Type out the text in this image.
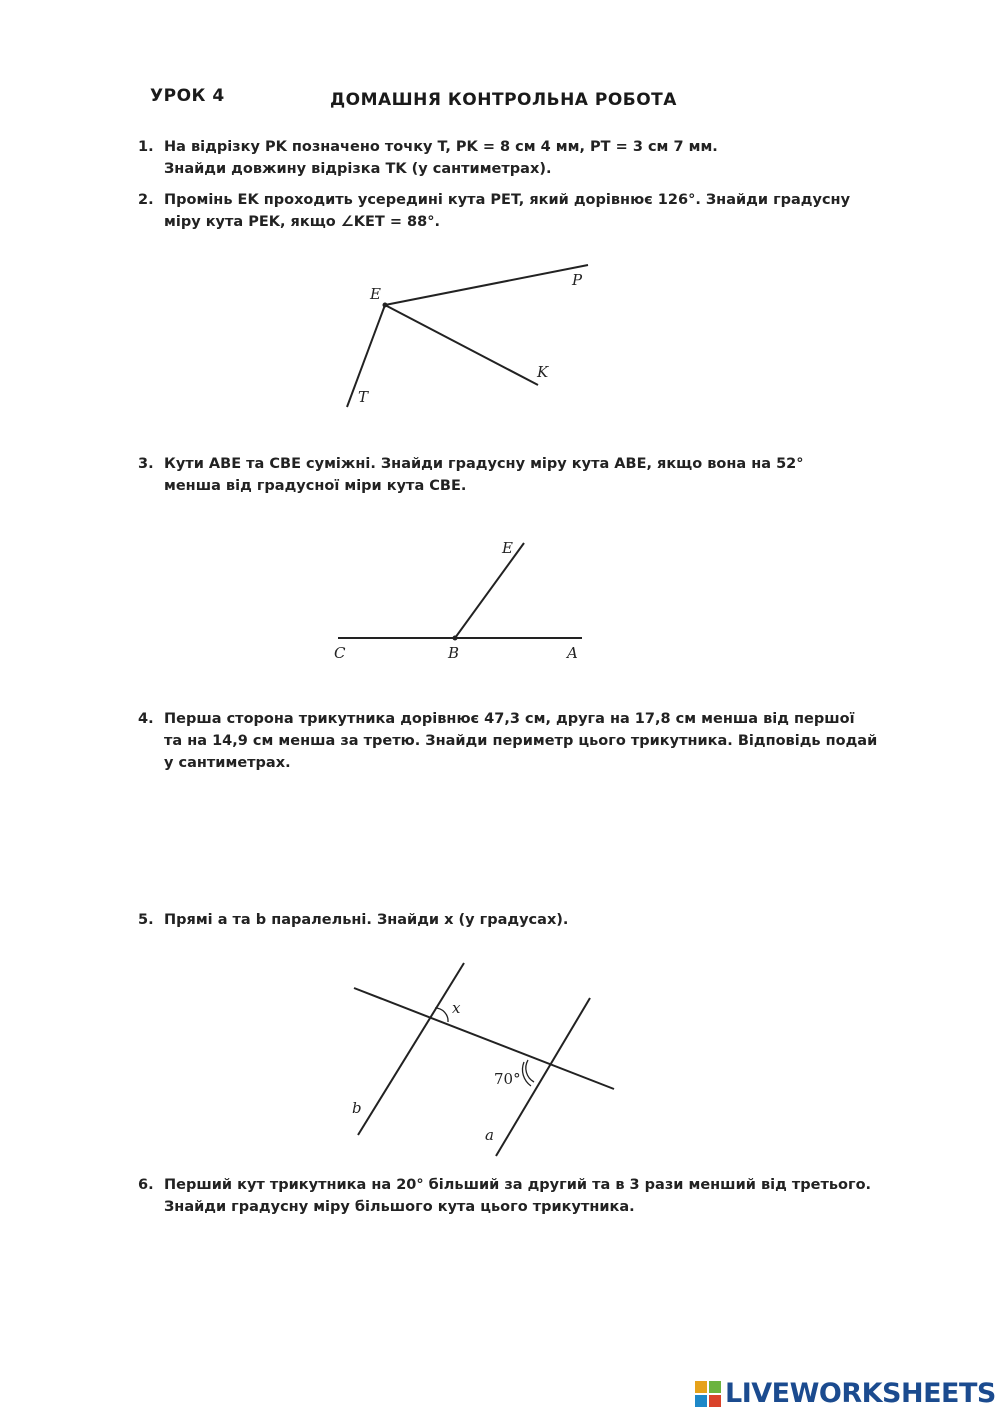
УРОК 4	ДОМАШНЯ КОНТРОЛЬНА РОБОТА
1. На відрізку PK позначено точку T, PK = 8 см 4 мм, PT = 3 см 7 мм.
Знайди довжину відрізка TK (у сантиметрах).
2. Промінь EK проходить усередині кута PET, який дорівнює 126°. Знайди градусну
міру кута PEK, якщо ∠KET = 88°.
E
P
K
T
E
C	B	A
x
70°
b
a
3. Кути ABE та CBE суміжні. Знайди градусну міру кута ABE, якщо вона на 52°
менша від градусної міри кута CBE.
4. Перша сторона трикутника дорівнює 47,3 см, друга на 17,8 см менша від першої
та на 14,9 см менша за третю. Знайди периметр цього трикутника. Відповідь подай
у сантиметрах.
5. Прямі a та b паралельні. Знайди x (у градусах).
6. Перший кут трикутника на 20° більший за другий та в 3 рази менший від третього.
Знайди градусну міру більшого кута цього трикутника.
LIVEWORKSHEETS
